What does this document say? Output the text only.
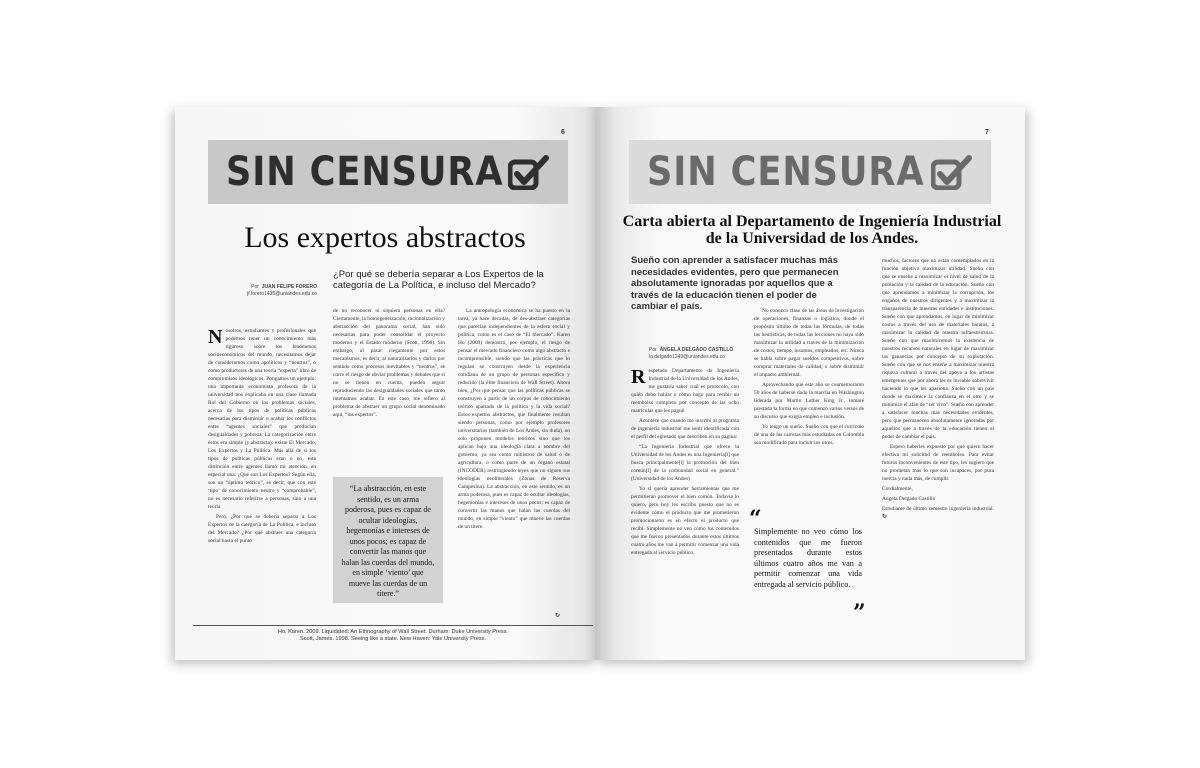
6
SIN CENSURA
Los expertos abstractos
Por JUAN FELIPE FORERO
jf.forero1435@uniandes.edu.co

¿Por qué se debería separar a Los Expertos de la categoría de La Política, e incluso del Mercado?

Nosotros, estudiantes y profesionales que podemos tener un conocimiento más riguroso sobre los fenómenos socioeconómicos del mundo, necesitamos dejar de considerarnos como apolíticos y “neutros”, o como productores de una teoría “experta” libre de compromisos ideológicos. Pongamos un ejemplo: una importante economista profesora de la universidad nos explicaba en una clase llamada Rol del Gobierno en los problemas sociales, acerca de los tipos de políticas públicas necesarias para disminuir o acabar los conflictos entre “agentes sociales” que producían desigualdades y pobreza. La categorización entre éstos era simple (y abstracta): existe El Mercado, Los Expertos y La Política. Más allá de si los tipos de políticas públicas eran o no, esta distinción entre agentes llamó mi atención, en especial una: ¿Qué son Los Expertos? Según ella, son un “óptimo teórico”, es decir, que con este ‘tipo’ de conocimiento neutro y “comprobable”, no es necesario referirse a personas, sino a una teoría.

Pero, ¿Por qué se debería separar a Los Expertos de la categoría de La Política, e incluso del Mercado? ¿Por qué abstraer una categoría social hasta el punto

de no reconocer ni siquiera personas en ella? Ciertamente, la homogeneización, racionalización y abstracción del panorama social, han sido necesarias para poder consolidar el proyecto moderno y el Estado moderno (Scott, 1998). Sin embargo, al pasar ciegamente por estos mecanismos, es decir, al naturalizarlos y darlos por sentado como procesos inevitables y “neutros”, se corre el riesgo de obviar problemas y debates que si no se tienen en cuenta, pueden seguir reproduciendo las desigualdades sociales que tanto intentamos acabar. En este caso, me refiero al problema de abstraer un grupo social denominado aquí, “los expertos”.

“La abstracción, en este sentido, es un arma poderosa, pues es capaz de ocultar ideologías, hegemonías e intereses de unos pocos; es capaz de convertir las manos que halan las cuerdas del mundo, en simple ‘viento’ que mueve las cuerdas de un títere.”

La antropología económica se ha puesto en la tarea, ya hace décadas, de des-abstraer categorías que parecían independientes de la esfera social y política, como es el caso de “El mercado”. Karen Ho (2009) demostró, por ejemplo, el riesgo de pensar el mercado financiero como algo abstracto e incomprensible, siendo que las prácticas que lo regulan se construyen desde la experiencia cotidiana de un grupo de personas específico y reducido (la élite financiera de Wall Street). Ahora bien, ¿Por qué pensar que las políticas públicas se construyen a partir de un corpus de conocimiento teórico apartado de la política y la vida social? Estos expertos abstractos, que finalmente resultan siendo personas, como por ejemplo profesores universitarios (también de Los Andes, sin duda), no solo proponen modelos teóricos sino que los aplican bajo una ideología clara a nombre del gobierno, ya sea como ministros de salud o de agricultura, o como parte de un órgano estatal (INCODER) restringiendo leyes que no siguen sus ideologías neoliberales (Zonas de Reserva Campesina). La abstracción, en este sentido, es un arma poderosa, pues es capaz de ocultar ideologías, hegemonías e intereses de unos pocos; es capaz de convertir las manos que halan las cuerdas del mundo, en simple “viento” que mueve las cuerdas de un títere.

↻
Ho, Karen. 2009. Liquidated: An Ethnography of Wall Street. Durham: Duke University Press.
Scott, James. 1998. Seeing like a state. New Haven: Yale University Press.
7
SIN CENSURA
Carta abierta al Departamento de Ingeniería Industrial de la Universidad de los Andes.

Sueño con aprender a satisfacer muchas más necesidades evidentes, pero que permanecen absolutamente ignoradas por aquellos que a través de la educación tienen el poder de cambiar el país.

Por ÁNGELA DELGADO CASTILLO
la.delgado1249@uniandes.edu.co

Respetado Departamento de Ingeniería Industrial de la Universidad de los Andes, me gustaría saber cuál es protocolo, con quién debo hablar o cómo hago para recibir un reembolso completo por concepto de las ocho matrículas que les pagué.

Acontece que cuando me inscribí al programa de ingeniería industrial me sentí identificada con el perfil del egresado que describen en su página:

“La Ingeniería Industrial que ofrece la Universidad de los Andes es una Ingeniería[l] que busca principalmente[l] la promoción del bien común[l] de la comunidad social en general.” (Universidad de los Andes)

Yo sí quería aprender herramientas que me permitieran promover el bien común. Todavía lo quiero, pero hoy les escribo puesto que no es evidente cómo el producto que me prometieron promocionaron es en efecto el producto que recibí. Simplemente no veo cómo los contenidos que me fueron presentados durante estos últimos cuatro años me van a permitir comenzar una vida entregada al servicio público.

No conozco clase de las áreas de investigación de operaciones, finanzas o logística, donde el propósito último de todas las fórmulas, de todas las heurísticas, de todas las lecciones no haya sido maximizar la utilidad a través de la minimización de costos, tiempo, insumos, empleados, etc. Nunca se habla sobre pagar sueldos competitivos, sobre comprar materiales de calidad, o sobre disminuir el impacto ambiental.

Aprovechando que este año se conmemoraron 50 años de haberse dado la marcha en Washington liderada por Martin Luther King Jr., tomaré prestada la forma en que comenzó varios versos de su discurso que exigía empleo e inclusión.

Yo tengo un sueño. Sueño con que el currículo de una de las carreras más estudiadas en Colombia sea modificado para incluir los otros,

“
Simplemente no veo cómo los contenidos que me fueron presentados durante estos últimos cuatro años me van a permitir comenzar una vida entregada al servicio público.
”

muchos, factores que no están contemplados en la función objetivo maximizar utilidad. Sueño con que se enseñe a maximizar el nivel de salud de la población y la calidad de la educación. Sueño con que aprendamos a minimizar la corrupción, los engaños de nuestros dirigentes y a maximizar la transparencia de nuestras entidades e instituciones. Sueño con que aprendamos, en lugar de minimizar costos a través del uso de materiales baratos, a maximizar la calidad de nuestra infraestructura. Sueño con que maximicemos la existencia de nuestros recursos naturales en lugar de maximizar las ganancias por concepto de su explotación. Sueño con que se nos enseñe a maximizar nuestra riqueza cultural a través del apoyo a los artistas emergentes que por ahora les es inviable sobrevivir haciendo lo que les apasiona. Sueño con un país donde se maximice la confianza en el otro y se minimice el afán de “ser vivo”. Sueño con aprender a satisfacer muchas más necesidades evidentes, pero que permanecen absolutamente ignoradas por aquellos que a través de la educación tienen el poder de cambiar el país.

Espero haberles expuesto por qué quiero hacer efectiva mi solicitud de reembolso. Para evitar futuros inconvenientes de este tipo, les sugiero que no prometan más lo que son incapaces, por pura inercia y nada más, de cumplir.

Cordialmente,

Ángela Delgado Castillo

Estudiante de último semestre ingeniería industrial. ↻
